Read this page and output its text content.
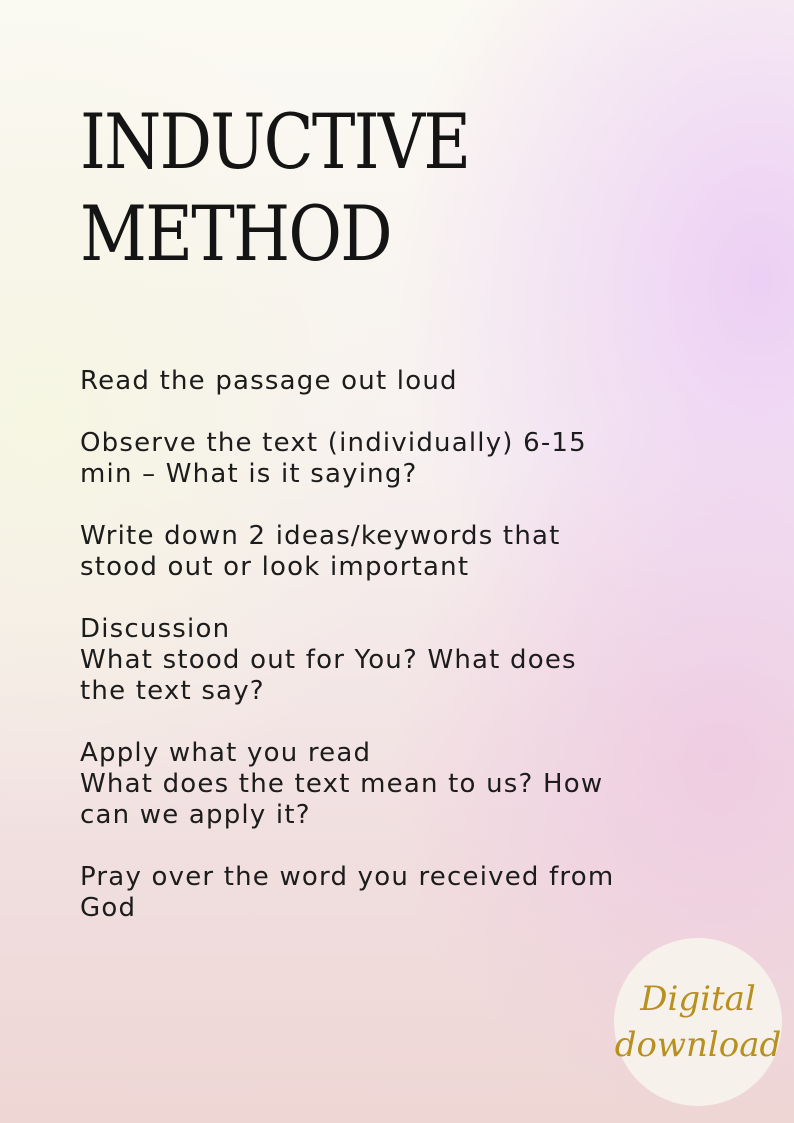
INDUCTIVE
METHOD

Read the passage out loud

Observe the text (individually) 6-15
min – What is it saying?

Write down 2 ideas/keywords that
stood out or look important

Discussion
What stood out for You? What does
the text say?

Apply what you read
What does the text mean to us? How
can we apply it?

Pray over the word you received from
God

Digital
download
